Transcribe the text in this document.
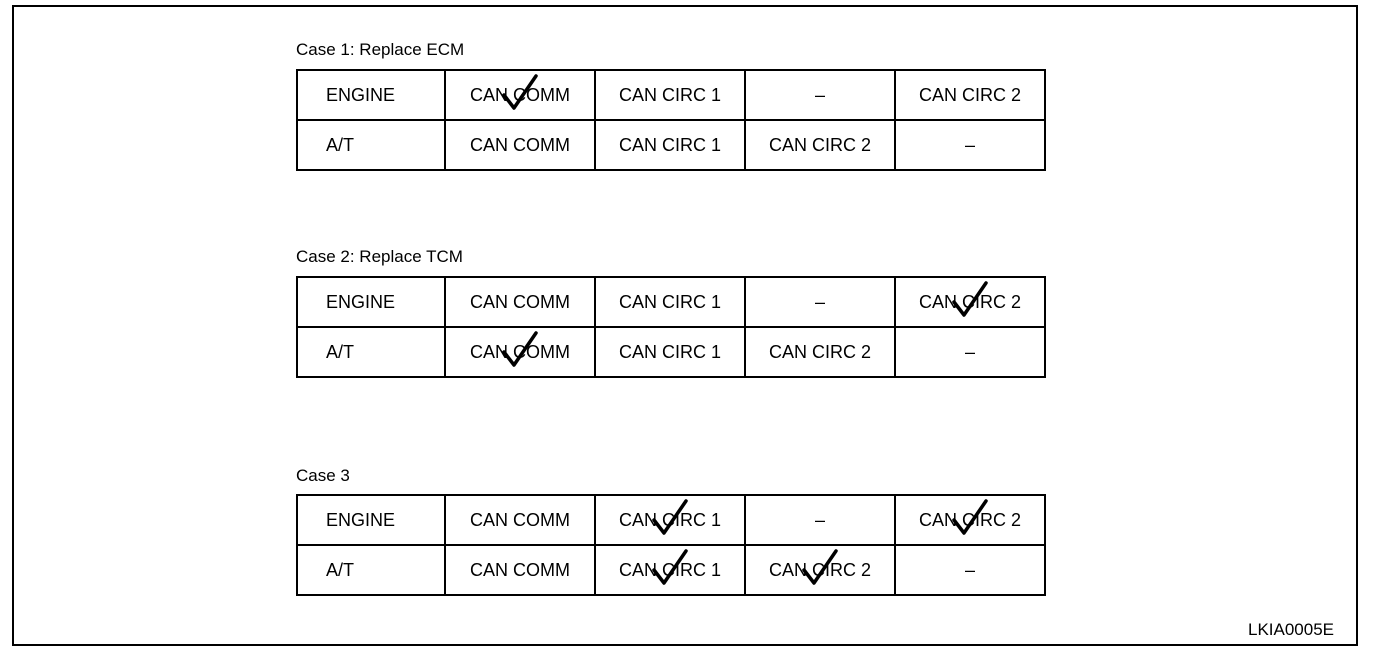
Case 1: Replace ECM
ENGINE	CAN COMM	CAN CIRC 1	–	CAN CIRC 2
A/T	CAN COMM	CAN CIRC 1	CAN CIRC 2	–
Case 2: Replace TCM
ENGINE	CAN COMM	CAN CIRC 1	–	CAN CIRC 2

A/T	CAN COMM	CAN CIRC 1	CAN CIRC 2	–
Case 3
ENGINE	CAN COMM	CAN CIRC 1	–	CAN CIRC 2

A/T	CAN COMM	CAN CIRC 1	CAN CIRC 2	–
LKIA0005E
